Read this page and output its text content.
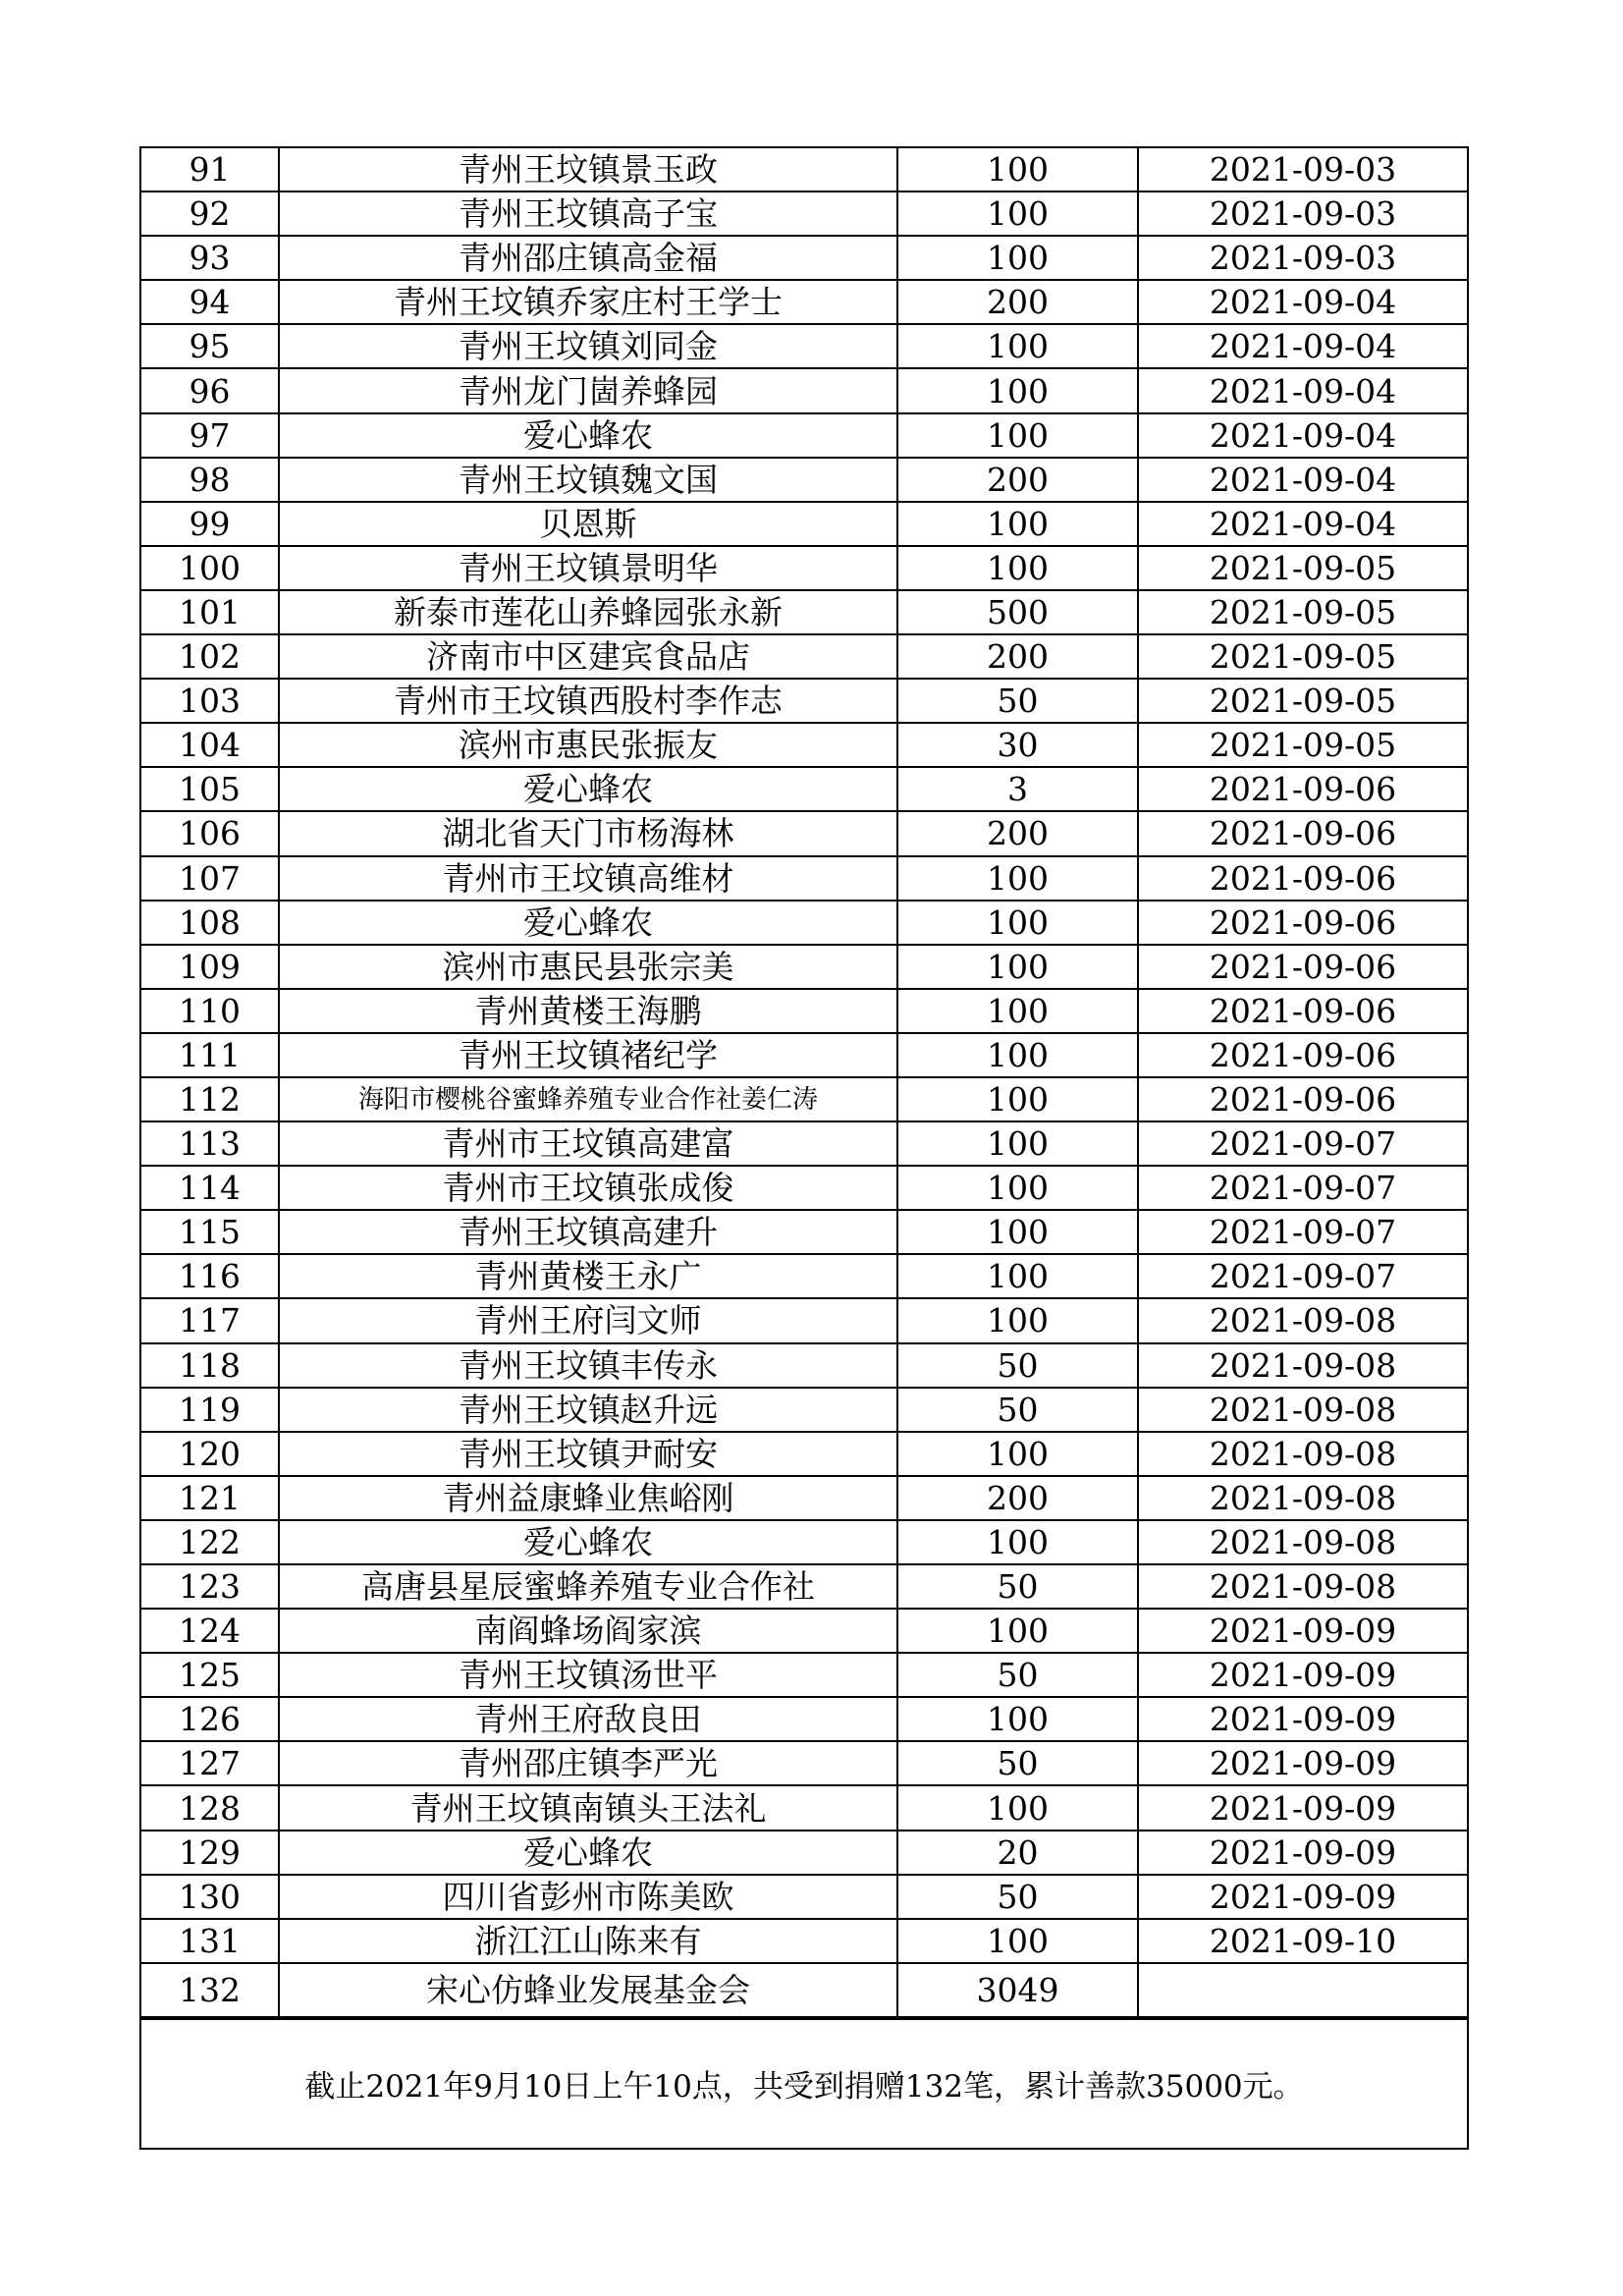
91	青州王坟镇景玉政	100	2021-09-03
92	青州王坟镇高子宝	100	2021-09-03
93	青州邵庄镇高金福	100	2021-09-03
94	青州王坟镇乔家庄村王学士	200	2021-09-04
95	青州王坟镇刘同金	100	2021-09-04
96	青州龙门崮养蜂园	100	2021-09-04
97	爱心蜂农	100	2021-09-04
98	青州王坟镇魏文国	200	2021-09-04
99	贝恩斯	100	2021-09-04
100	青州王坟镇景明华	100	2021-09-05
101	新泰市莲花山养蜂园张永新	500	2021-09-05
102	济南市中区建宾食品店	200	2021-09-05
103	青州市王坟镇西股村李作志	50	2021-09-05
104	滨州市惠民张振友	30	2021-09-05
105	爱心蜂农	3	2021-09-06
106	湖北省天门市杨海林	200	2021-09-06
107	青州市王坟镇高维材	100	2021-09-06
108	爱心蜂农	100	2021-09-06
109	滨州市惠民县张宗美	100	2021-09-06
110	青州黄楼王海鹏	100	2021-09-06
111	青州王坟镇褚纪学	100	2021-09-06
112	海阳市樱桃谷蜜蜂养殖专业合作社姜仁涛	100	2021-09-06
113	青州市王坟镇高建富	100	2021-09-07
114	青州市王坟镇张成俊	100	2021-09-07
115	青州王坟镇高建升	100	2021-09-07
116	青州黄楼王永广	100	2021-09-07
117	青州王府闫文师	100	2021-09-08
118	青州王坟镇丰传永	50	2021-09-08
119	青州王坟镇赵升远	50	2021-09-08
120	青州王坟镇尹耐安	100	2021-09-08
121	青州益康蜂业焦峪刚	200	2021-09-08
122	爱心蜂农	100	2021-09-08
123	高唐县星辰蜜蜂养殖专业合作社	50	2021-09-08
124	南阎蜂场阎家滨	100	2021-09-09
125	青州王坟镇汤世平	50	2021-09-09
126	青州王府敌良田	100	2021-09-09
127	青州邵庄镇李严光	50	2021-09-09
128	青州王坟镇南镇头王法礼	100	2021-09-09
129	爱心蜂农	20	2021-09-09
130	四川省彭州市陈美欧	50	2021-09-09
131	浙江江山陈来有	100	2021-09-10
132	宋心仿蜂业发展基金会	3049	
截止2021年9月10日上午10点，共受到捐赠132笔，累计善款35000元。
